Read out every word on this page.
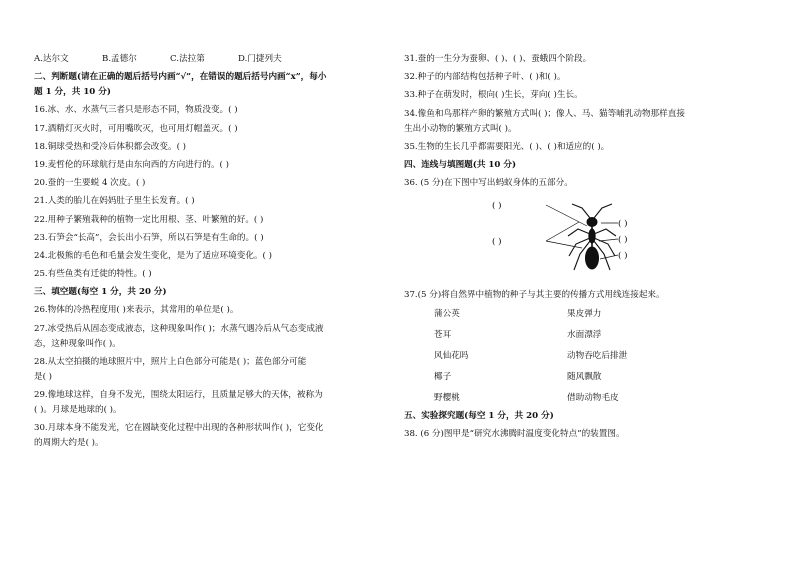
A.达尔文	B.孟德尔	C.法拉第	D.门捷列夫
二、判断题(请在正确的题后括号内画“√”，在错误的题后括号内画“x”，每小
题 1 分，共 10 分)
16.冰、水、水蒸气三者只是形态不同，物质没变。( )
17.酒精灯灭火时，可用嘴吹灭，也可用灯帽盖灭。( )
18.铜球受热和受冷后体积都会改变。( )
19.麦哲伦的环球航行是由东向西的方向进行的。( )
20.蚕的一生要蜕 4 次皮。( )
21.人类的胎儿在妈妈肚子里生长发育。( )
22.用种子繁殖栽种的植物一定比用根、茎、叶繁殖的好。( )
23.石笋会“长高”，会长出小石笋，所以石笋是有生命的。( )
24.北极熊的毛色和毛量会发生变化，是为了适应环境变化。( )
25.有些鱼类有迁徙的特性。( )
三、填空题(每空 1 分，共 20 分)
26.物体的冷热程度用( )来表示，其常用的单位是( )。
27.冰受热后从固态变成液态，这种现象叫作( )；水蒸气遇冷后从气态变成液
态，这种现象叫作( )。
28.从太空拍摄的地球照片中，照片上白色部分可能是( )；蓝色部分可能
是( )
29.像地球这样，自身不发光，围绕太阳运行，且质量足够大的天体，被称为
( )。月球是地球的( )。
30.月球本身不能发光，它在圆缺变化过程中出现的各种形状叫作( )，它变化
的周期大约是( )。
31.蚕的一生分为蚕卵、( )、( )、蚕蛾四个阶段。
32.种子的内部结构包括种子叶、( )和( )。
33.种子在萌发时，根向( )生长，芽向( )生长。
34.像鱼和鸟那样产卵的繁殖方式叫( )；像人、马、猫等哺乳动物那样直接
生出小动物的繁殖方式叫( )。
35.生物的生长几乎都需要阳光、( )、( )和适应的( )。
四、连线与填图题(共 10 分)
36. (5 分)在下图中写出蚂蚁身体的五部分。
( )
( )
( )
( )
( )
37.(5 分)将自然界中植物的种子与其主要的传播方式用线连接起来。
蒲公英	果皮弹力
苍耳	水面漂浮
风仙花吗	动物吞吃后排泄
椰子	随风飘散
野樱桃	借助动物毛皮
五、实验探究题(每空 1 分，共 20 分)
38. (6 分)图甲是“研究水沸腾时温度变化特点”的装置图。
